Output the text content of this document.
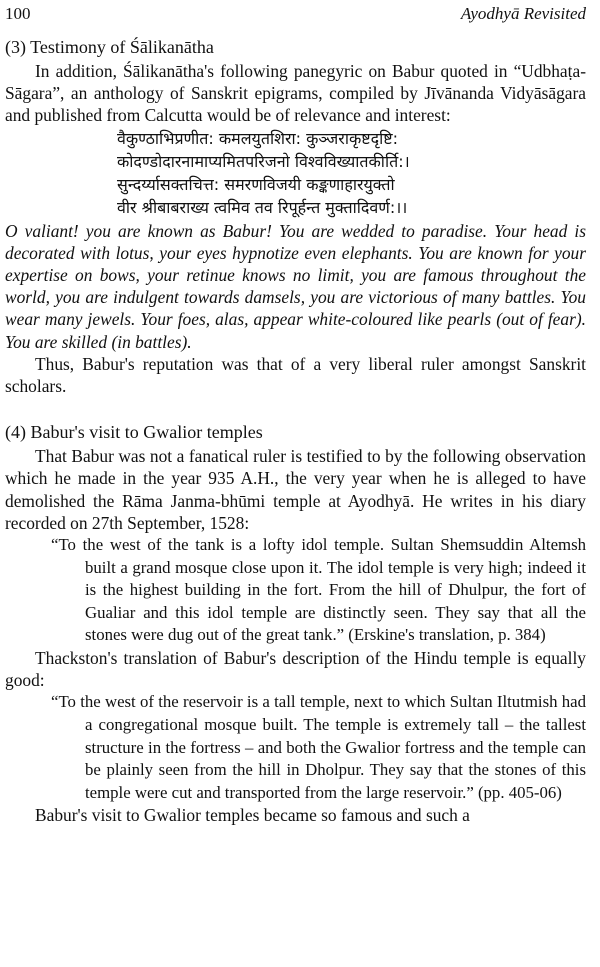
100	Ayodhyā Revisited
(3) Testimony of Śālikanātha

In addition, Śālikanātha's following panegyric on Babur quoted in “Udbhaṭa-Sāgara”, an anthology of Sanskrit epigrams, compiled by Jīvānanda Vidyāsāgara and published from Calcutta would be of relevance and interest:

वैकुण्ठाभिप्रणीत: कमलयुतशिरा: कुञ्जराकृष्टदृष्टि:
कोदण्डोदारनामाप्यमितपरिजनो विश्वविख्यातकीर्ति:।
सुन्दर्य्यासक्तचित्त: समरणविजयी कङ्कणाहारयुक्तो
वीर श्रीबाबराख्य त्वमिव तव रिपूर्हन्त मुक्तादिवर्ण:।।

O valiant! you are known as Babur! You are wedded to paradise. Your head is decorated with lotus, your eyes hypnotize even elephants. You are known for your expertise on bows, your retinue knows no limit, you are famous throughout the world, you are indulgent towards damsels, you are victorious of many battles. You wear many jewels. Your foes, alas, appear white-coloured like pearls (out of fear). You are skilled (in battles).

Thus, Babur's reputation was that of a very liberal ruler amongst Sanskrit scholars.

(4) Babur's visit to Gwalior temples

That Babur was not a fanatical ruler is testified to by the following observation which he made in the year 935 A.H., the very year when he is alleged to have demolished the Rāma Janma-bhūmi temple at Ayodhyā. He writes in his diary recorded on 27th September, 1528:

“To the west of the tank is a lofty idol temple. Sultan Shemsuddin Altemsh built a grand mosque close upon it. The idol temple is very high; indeed it is the highest building in the fort. From the hill of Dhulpur, the fort of Gualiar and this idol temple are distinctly seen. They say that all the stones were dug out of the great tank.” (Erskine's translation, p. 384)

Thackston's translation of Babur's description of the Hindu temple is equally good:

“To the west of the reservoir is a tall temple, next to which Sultan Iltutmish had a congregational mosque built. The temple is extremely tall – the tallest structure in the fortress – and both the Gwalior fortress and the temple can be plainly seen from the hill in Dholpur. They say that the stones of this temple were cut and transported from the large reservoir.” (pp. 405-06)

Babur's visit to Gwalior temples became so famous and such a
